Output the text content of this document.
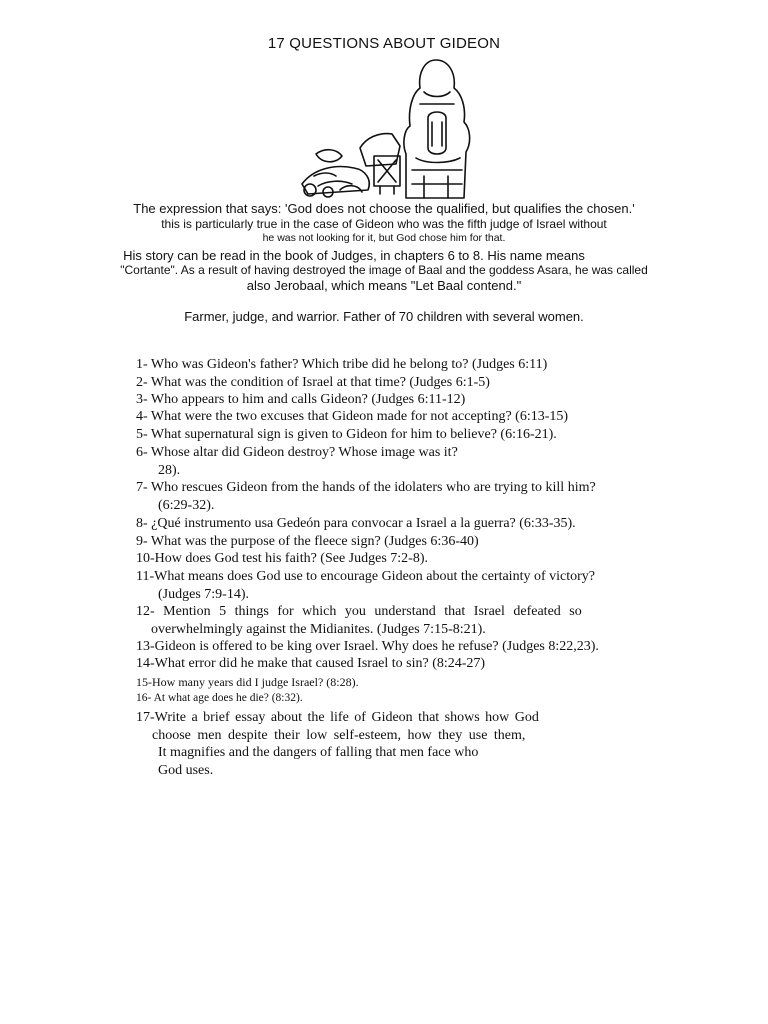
17 QUESTIONS ABOUT GIDEON
The expression that says: 'God does not choose the qualified, but qualifies the chosen.'
this is particularly true in the case of Gideon who was the fifth judge of Israel without
he was not looking for it, but God chose him for that.
His story can be read in the book of Judges, in chapters 6 to 8. His name means
"Cortante". As a result of having destroyed the image of Baal and the goddess Asara, he was called
also Jerobaal, which means "Let Baal contend."
Farmer, judge, and warrior. Father of 70 children with several women.
1- Who was Gideon's father? Which tribe did he belong to? (Judges 6:11)
2- What was the condition of Israel at that time? (Judges 6:1-5)
3- Who appears to him and calls Gideon? (Judges 6:11-12)
4- What were the two excuses that Gideon made for not accepting? (6:13-15)
5- What supernatural sign is given to Gideon for him to believe? (6:16-21).
6- Whose altar did Gideon destroy? Whose image was it?
28).
7- Who rescues Gideon from the hands of the idolaters who are trying to kill him?
(6:29-32).
8- ¿Qué instrumento usa Gedeón para convocar a Israel a la guerra? (6:33-35).
9- What was the purpose of the fleece sign? (Judges 6:36-40)
10-How does God test his faith? (See Judges 7:2-8).
11-What means does God use to encourage Gideon about the certainty of victory?
(Judges 7:9-14).
12- Mention 5 things for which you understand that Israel defeated so
overwhelmingly against the Midianites. (Judges 7:15-8:21).
13-Gideon is offered to be king over Israel. Why does he refuse? (Judges 8:22,23).
14-What error did he make that caused Israel to sin? (8:24-27)
15-How many years did I judge Israel? (8:28).
16- At what age does he die? (8:32).
17-Write a brief essay about the life of Gideon that shows how God
choose men despite their low self-esteem, how they use them,
It magnifies and the dangers of falling that men face who
God uses.
